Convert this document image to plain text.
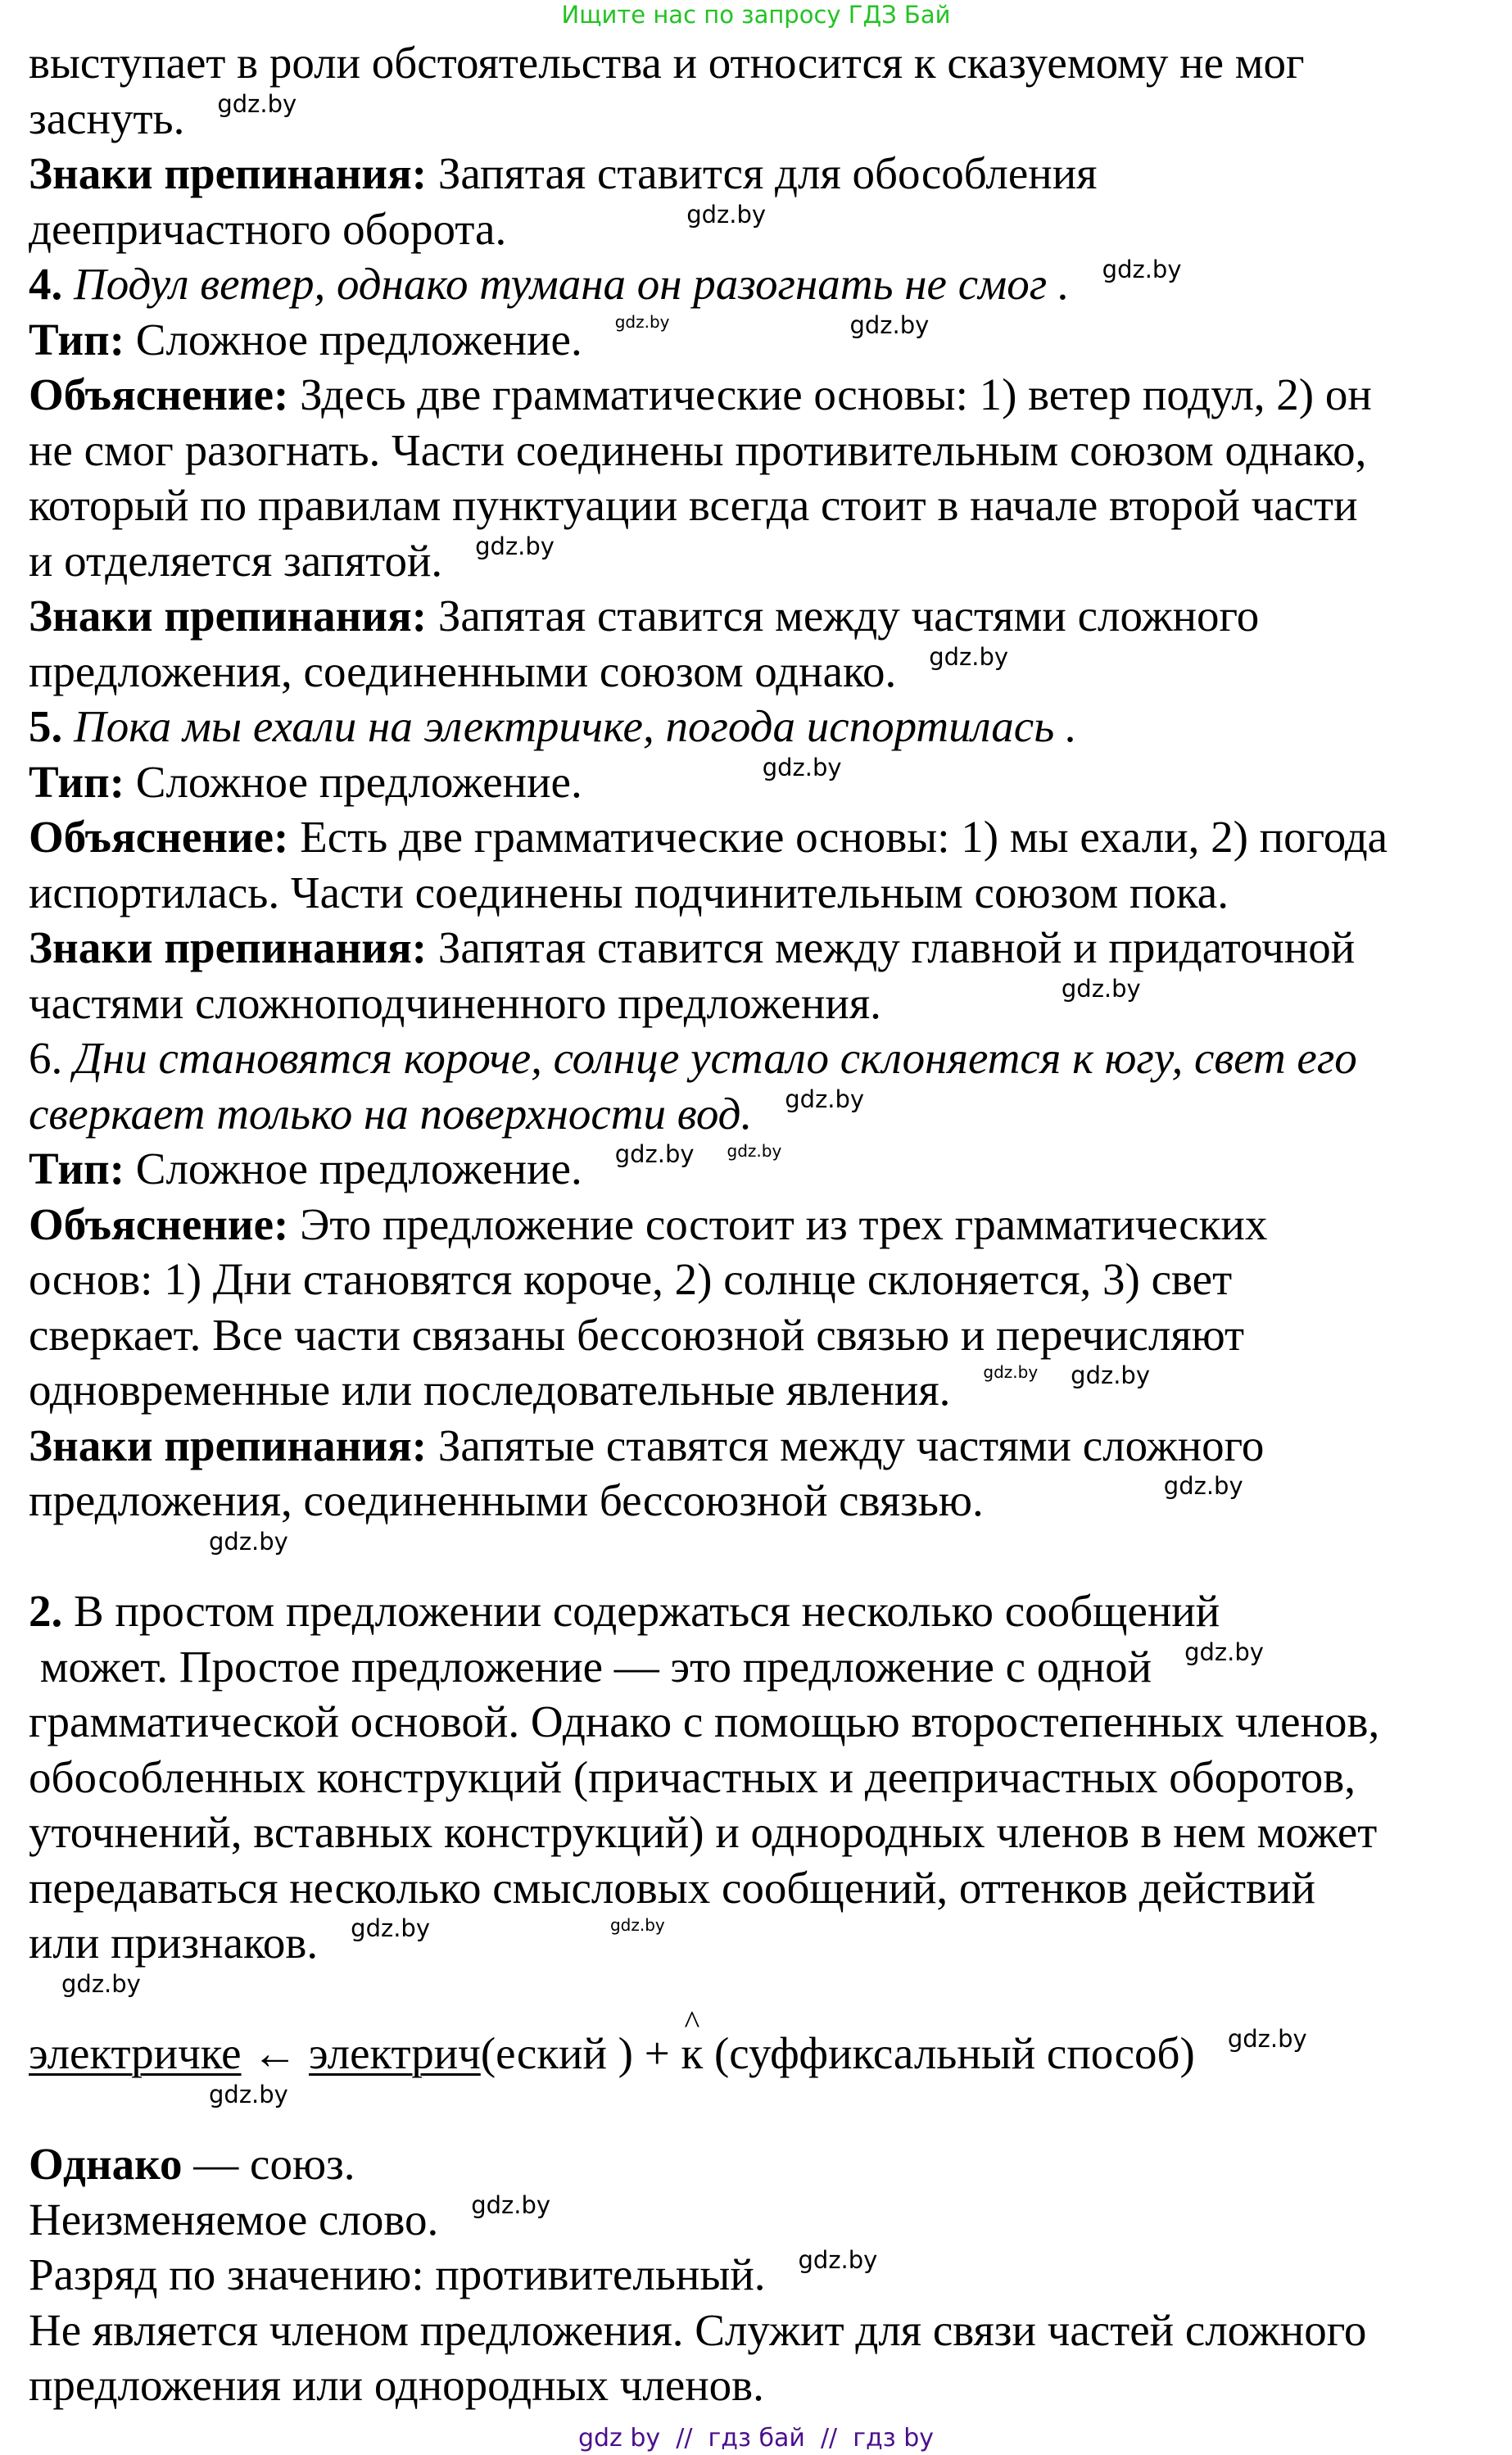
Ищите нас по запросу ГДЗ Бай
выступает в роли обстоятельства и относится к сказуемому не мог
заснуть. gdz.by
Знаки препинания: Запятая ставится для обособления
деепричастного оборота.	gdz.by
4. Подул ветер, однако тумана он разогнать не смог . gdz.by
Тип: Сложное предложение. gdz.by	gdz.by
Объяснение: Здесь две грамматические основы: 1) ветер подул, 2) он
не смог разогнать. Части соединены противительным союзом однако,
который по правилам пунктуации всегда стоит в начале второй части
и отделяется запятой. gdz.by
Знаки препинания: Запятая ставится между частями сложного
предложения, соединенными союзом однако. gdz.by
5. Пока мы ехали на электричке, погода испортилась .
Тип: Сложное предложение.	gdz.by
Объяснение: Есть две грамматические основы: 1) мы ехали, 2) погода
испортилась. Части соединены подчинительным союзом пока.
Знаки препинания: Запятая ставится между главной и придаточной
частями сложноподчиненного предложения.	gdz.by
6. Дни становятся короче, солнце устало склоняется к югу, свет его
сверкает только на поверхности вод. gdz.by
Тип: Сложное предложение. gdz.by gdz.by
Объяснение: Это предложение состоит из трех грамматических
основ: 1) Дни становятся короче, 2) солнце склоняется, 3) свет
сверкает. Все части связаны бессоюзной связью и перечисляют
одновременные или последовательные явления. gdz.by gdz.by
Знаки препинания: Запятые ставятся между частями сложного
предложения, соединенными бессоюзной связью.	gdz.by
gdz.by
2. В простом предложении содержаться несколько сообщений
может. Простое предложение — это предложение с одной gdz.by
грамматической основой. Однако с помощью второстепенных членов,
обособленных конструкций (причастных и деепричастных оборотов,
уточнений, вставных конструкций) и однородных членов в нем может
передаваться несколько смысловых сообщений, оттенков действий
или признаков. gdz.by	gdz.by
gdz.by
электричке ← электрич(еский ) + ^ к (суффиксальный способ) gdz.by
gdz.by
Однако — союз.
Неизменяемое слово. gdz.by
Разряд по значению: противительный. gdz.by
Не является членом предложения. Служит для связи частей сложного
предложения или однородных членов.
gdz by  //  гдз бай  //  гдз by
